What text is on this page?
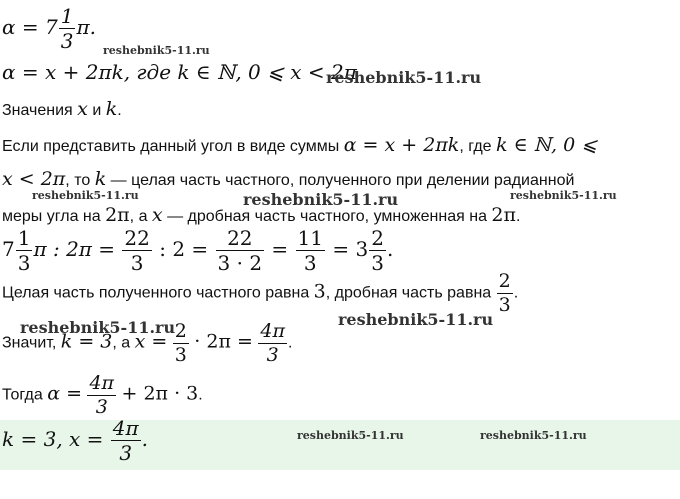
$\alpha = 7 \frac{1}{3} \pi$.
reshebnik5-11.ru
α = x + 2πk, где k ∈ ℕ, 0 ⩽ x < 2π
reshebnik5-11.ru
Значения x и k.
Если представить данный угол в виде суммы α = x + 2πk, где k ∈ ℕ, 0 ⩽
x < 2π, то k — целая часть частного, полученного при делении радианной
reshebnik5-11.ru	reshebnik5-11.ru	reshebnik5-11.ru
меры угла на 2π, а x — дробная часть частного, умноженная на 2π.
$7 \frac{1}{3}$ π : $2\pi = \frac{22}{3}$ : $2 = \frac{22}{3 \cdot 2} = \frac{11}{3} = 3 \frac{2}{3}$ .
Целая часть полученного частного равна 3, дробная часть равна $\frac{2}{3}$ .
reshebnik5-11.ru	reshebnik5-11.ru
Значит, k = 3, а $x = \frac{2}{3} \cdot 2\pi = \frac{4\pi}{3}$ .
Тогда $\alpha = \frac{4\pi}{3} + 2\pi \cdot 3$.
k = 3, $x = \frac{4\pi}{3}$ .	reshebnik5-11.ru	reshebnik5-11.ru
